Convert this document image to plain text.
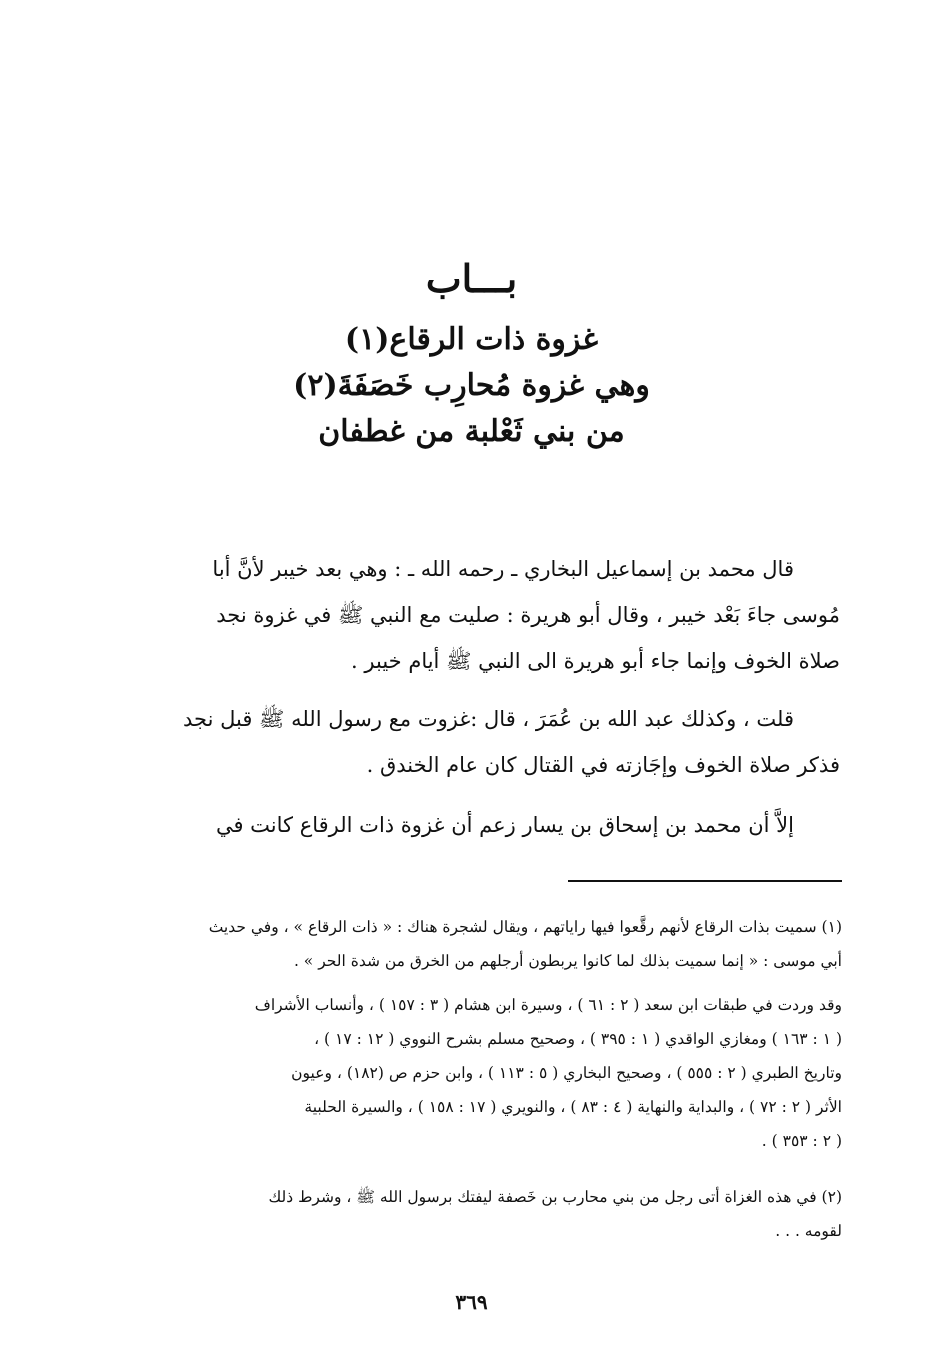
بـــاب
غزوة ذات الرقاع(١)
وهي غزوة مُحارِب خَصَفَةَ(٢)
من بني ثَعْلبة من غطفان
قال محمد بن إسماعيل البخاري ـ رحمه الله ـ : وهي بعد خيبر لأنَّ أبا
مُوسى جاءَ بَعْد خيبر ، وقال أبو هريرة : صليت مع النبي ﷺ في غزوة نجد
صلاة الخوف وإنما جاء أبو هريرة الى النبي ﷺ أيام خيبر .
قلت ، وكذلك عبد الله بن عُمَرَ ، قال :غزوت مع رسول الله ﷺ قبل نجد
فذكر صلاة الخوف وإجَازته في القتال كان عام الخندق .
إلاَّ أن محمد بن إسحاق بن يسار زعم أن غزوة ذات الرقاع كانت في
(١) سميت بذات الرقاع لأنهم رقَّعوا فيها راياتهم ، ويقال لشجرة هناك : « ذات الرقاع » ، وفي حديث
أبي موسى : « إنما سميت بذلك لما كانوا يربطون أرجلهم من الخرق من شدة الحر » .
وقد وردت في طبقات ابن سعد ( ٢ : ٦١ ) ، وسيرة ابن هشام ( ٣ : ١٥٧ ) ، وأنساب الأشراف
( ١ : ١٦٣ ) ومغازي الواقدي ( ١ : ٣٩٥ ) ، وصحيح مسلم بشرح النووي ( ١٢ : ١٧ ) ،
وتاريخ الطبري ( ٢ : ٥٥٥ ) ، وصحيح البخاري ( ٥ : ١١٣ ) ، وابن حزم ص (١٨٢) ، وعيون
الأثر ( ٢ : ٧٢ ) ، والبداية والنهاية ( ٤ : ٨٣ ) ، والنويري ( ١٧ : ١٥٨ ) ، والسيرة الحلبية
( ٢ : ٣٥٣ ) .
(٢) في هذه الغزاة أتى رجل من بني محارب بن خَصفة ليفتك برسول الله ﷺ ، وشرط ذلك
لقومه . . .
٣٦٩
